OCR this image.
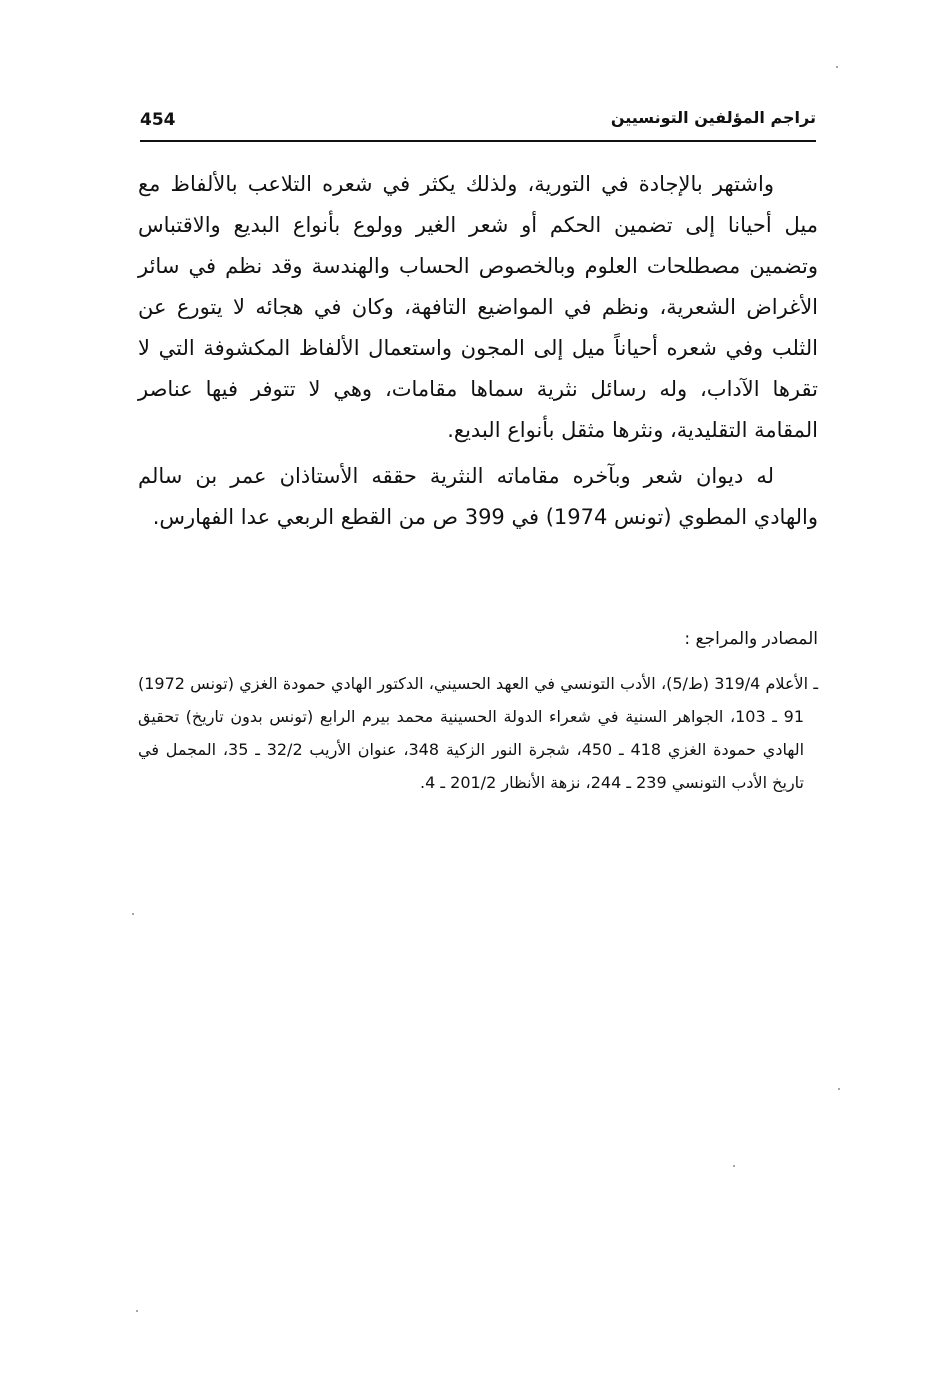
454	تراجم المؤلفين التونسيين

واشتهر بالإجادة في التورية، ولذلك يكثر في شعره التلاعب بالألفاظ مع ميل أحيانا إلى تضمين الحكم أو شعر الغير وولوع بأنواع البديع والاقتباس وتضمين مصطلحات العلوم وبالخصوص الحساب والهندسة وقد نظم في سائر الأغراض الشعرية، ونظم في المواضيع التافهة، وكان في هجائه لا يتورع عن الثلب وفي شعره أحياناً ميل إلى المجون واستعمال الألفاظ المكشوفة التي لا تقرها الآداب، وله رسائل نثرية سماها مقامات، وهي لا تتوفر فيها عناصر المقامة التقليدية، ونثرها مثقل بأنواع البديع.

له ديوان شعر وبآخره مقاماته النثرية حققه الأستاذان عمر بن سالم والهادي المطوي (تونس 1974) في 399 ص من القطع الربعي عدا الفهارس.

المصادر والمراجع :

ـ الأعلام 319/4 (ط/5)، الأدب التونسي في العهد الحسيني، الدكتور الهادي حمودة الغزي (تونس 1972) 91 ـ 103، الجواهر السنية في شعراء الدولة الحسينية محمد بيرم الرابع (تونس بدون تاريخ) تحقيق الهادي حمودة الغزي 418 ـ 450، شجرة النور الزكية 348، عنوان الأريب 32/2 ـ 35، المجمل في تاريخ الأدب التونسي 239 ـ 244، نزهة الأنظار 201/2 ـ 4.
